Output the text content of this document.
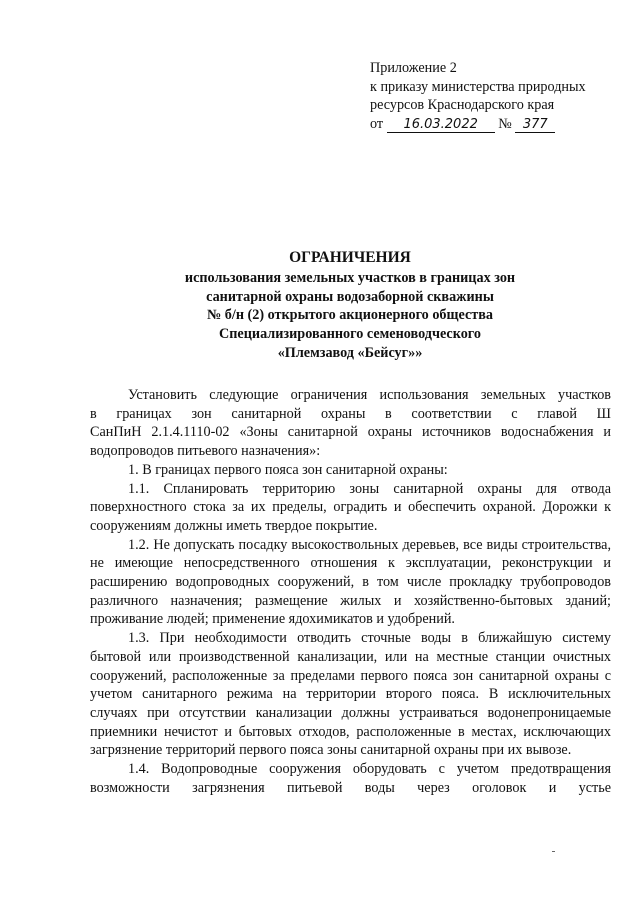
Приложение 2
к приказу министерства природных
ресурсов Краснодарского края
от 16.03.2022 № 377
ОГРАНИЧЕНИЯ
использования земельных участков в границах зон
санитарной охраны водозаборной скважины
№ б/н (2) открытого акционерного общества
Специализированного семеноводческого
«Племзавод «Бейсуг»»
Установить следующие ограничения использования земельных участков
в границах зон санитарной охраны в соответствии с главой Ш
СанПиН 2.1.4.1110-02 «Зоны санитарной охраны источников водоснабжения и
водопроводов питьевого назначения»:

1. В границах первого пояса зон санитарной охраны:

1.1. Спланировать территорию зоны санитарной охраны для отвода поверхностного стока за их пределы, оградить и обеспечить охраной. Дорожки к сооружениям должны иметь твердое покрытие.

1.2. Не допускать посадку высокоствольных деревьев, все виды строительства, не имеющие непосредственного отношения к эксплуатации, реконструкции и расширению водопроводных сооружений, в том числе прокладку трубопроводов различного назначения; размещение жилых и хозяйственно-бытовых зданий; проживание людей; применение ядохимикатов и удобрений.

1.3. При необходимости отводить сточные воды в ближайшую систему бытовой или производственной канализации, или на местные станции очистных сооружений, расположенные за пределами первого пояса зон санитарной охраны с учетом санитарного режима на территории второго пояса. В исключительных случаях при отсутствии канализации должны устраиваться водонепроницаемые приемники нечистот и бытовых отходов, расположенные в местах, исключающих загрязнение территорий первого пояса зоны санитарной охраны при их вывозе.

1.4. Водопроводные сооружения оборудовать с учетом предотвращения возможности загрязнения питьевой воды через оголовок и устье
